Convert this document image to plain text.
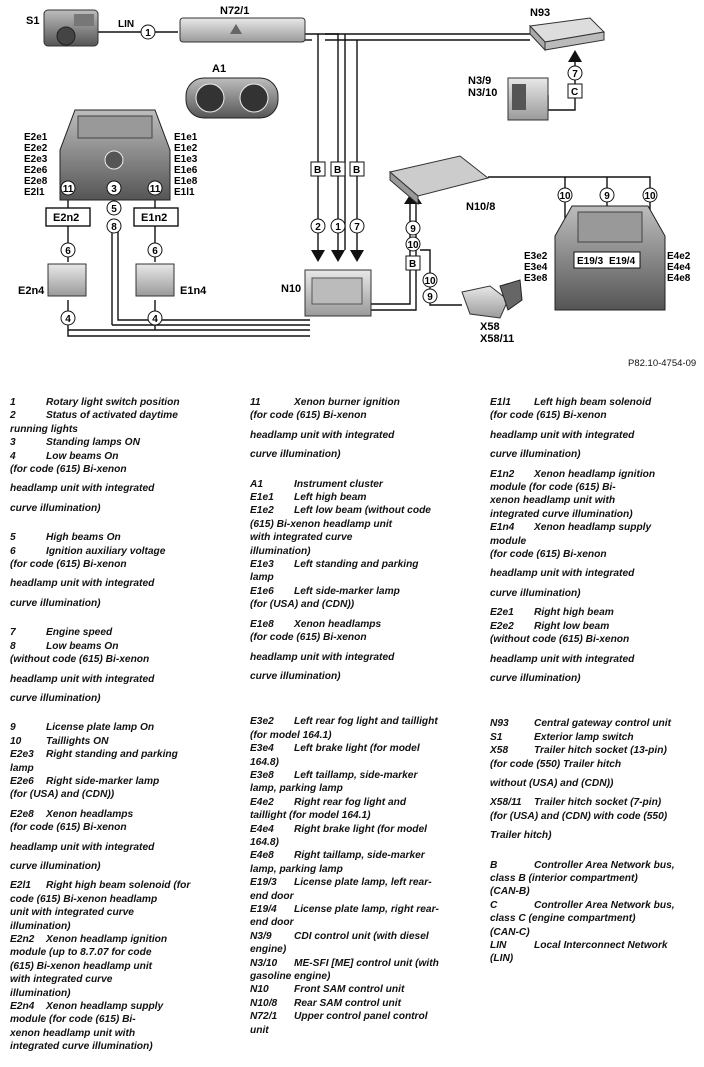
S1	LIN
N72/1	N93
A1
N3/9
N3/10
N10/8
N10
X58
X58/11
E2e1
E2e2
E2e3
E2e6
E2e8
E2l1
E1e1
E1e2
E1e3
E1e6
E1e8
E1l1
E2n2	E1n2
E2n4	E1n4
E19/3 E19/4
E3e2
E3e4
E3e8
E4e2
E4e4
E4e8
B B B
B
C
1
2 1 7
7
9
10
10
9
10	9	10
11	11
3
5
8
6	6
4	4
P82.10-4754-09
1	Rotary light switch position
2	Status of activated daytime
running lights
3	Standing lamps ON
4	Low beams On
(for code (615) Bi-xenon
headlamp unit with integrated
curve illumination)
5	High beams On
6	Ignition auxiliary voltage
(for code (615) Bi-xenon
headlamp unit with integrated
curve illumination)
7	Engine speed
8	Low beams On
(without code (615) Bi-xenon
headlamp unit with integrated
curve illumination)
9	License plate lamp On
10	Taillights ON
E2e3	Right standing and parking
lamp
E2e6	Right side-marker lamp
(for (USA) and (CDN))
E2e8	Xenon headlamps
(for code (615) Bi-xenon
headlamp unit with integrated
curve illumination)
E2l1	Right high beam solenoid (for
code (615) Bi-xenon headlamp
unit with integrated curve
illumination)
E2n2	Xenon headlamp ignition
module (up to 8.7.07 for code
(615) Bi-xenon headlamp unit
with integrated curve
illumination)
E2n4	Xenon headlamp supply
module (for code (615) Bi-
xenon headlamp unit with
integrated curve illumination)
11	Xenon burner ignition
(for code (615) Bi-xenon
headlamp unit with integrated
curve illumination)
A1	Instrument cluster
E1e1	Left high beam
E1e2	Left low beam (without code
(615) Bi-xenon headlamp unit
with integrated curve
illumination)
E1e3	Left standing and parking
lamp
E1e6	Left side-marker lamp
(for (USA) and (CDN))
E1e8	Xenon headlamps
(for code (615) Bi-xenon
headlamp unit with integrated
curve illumination)
E3e2	Left rear fog light and taillight
(for model 164.1)
E3e4	Left brake light (for model
164.8)
E3e8	Left taillamp, side-marker
lamp, parking lamp
E4e2	Right rear fog light and
taillight (for model 164.1)
E4e4	Right brake light (for model
164.8)
E4e8	Right taillamp, side-marker
lamp, parking lamp
E19/3	License plate lamp, left rear-
end door
E19/4	License plate lamp, right rear-
end door
N3/9	CDI control unit (with diesel
engine)
N3/10	ME-SFI [ME] control unit (with
gasoline engine)
N10	Front SAM control unit
N10/8	Rear SAM control unit
N72/1	Upper control panel control
unit
E1l1	Left high beam solenoid
(for code (615) Bi-xenon
headlamp unit with integrated
curve illumination)
E1n2	Xenon headlamp ignition
module (for code (615) Bi-
xenon headlamp unit with
integrated curve illumination)
E1n4	Xenon headlamp supply
module
(for code (615) Bi-xenon
headlamp unit with integrated
curve illumination)
E2e1	Right high beam
E2e2	Right low beam
(without code (615) Bi-xenon
headlamp unit with integrated
curve illumination)
N93	Central gateway control unit
S1	Exterior lamp switch
X58	Trailer hitch socket (13-pin)
(for code (550) Trailer hitch
without (USA) and (CDN))
X58/11	Trailer hitch socket (7-pin)
(for (USA) and (CDN) with code (550)
Trailer hitch)
B	Controller Area Network bus,
class B (interior compartment)
(CAN-B)
C	Controller Area Network bus,
class C (engine compartment)
(CAN-C)
LIN	Local Interconnect Network
(LIN)
